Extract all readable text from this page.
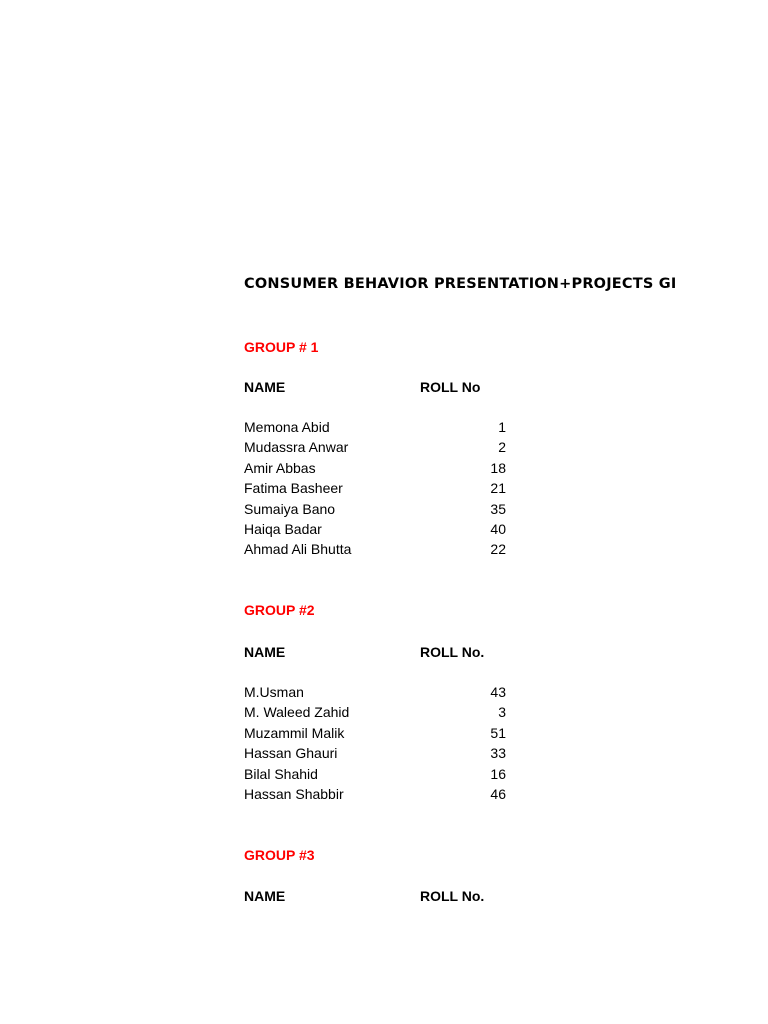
CONSUMER BEHAVIOR PRESENTATION+PROJECTS GI
GROUP # 1
NAME	ROLL No
Memona Abid	1
Mudassra Anwar	2
Amir Abbas	18
Fatima Basheer	21
Sumaiya Bano	35
Haiqa Badar	40
Ahmad Ali Bhutta	22
GROUP #2
NAME	ROLL No.
M.Usman	43
M. Waleed Zahid	3
Muzammil Malik	51
Hassan Ghauri	33
Bilal Shahid	16
Hassan Shabbir	46
GROUP #3
NAME	ROLL No.
